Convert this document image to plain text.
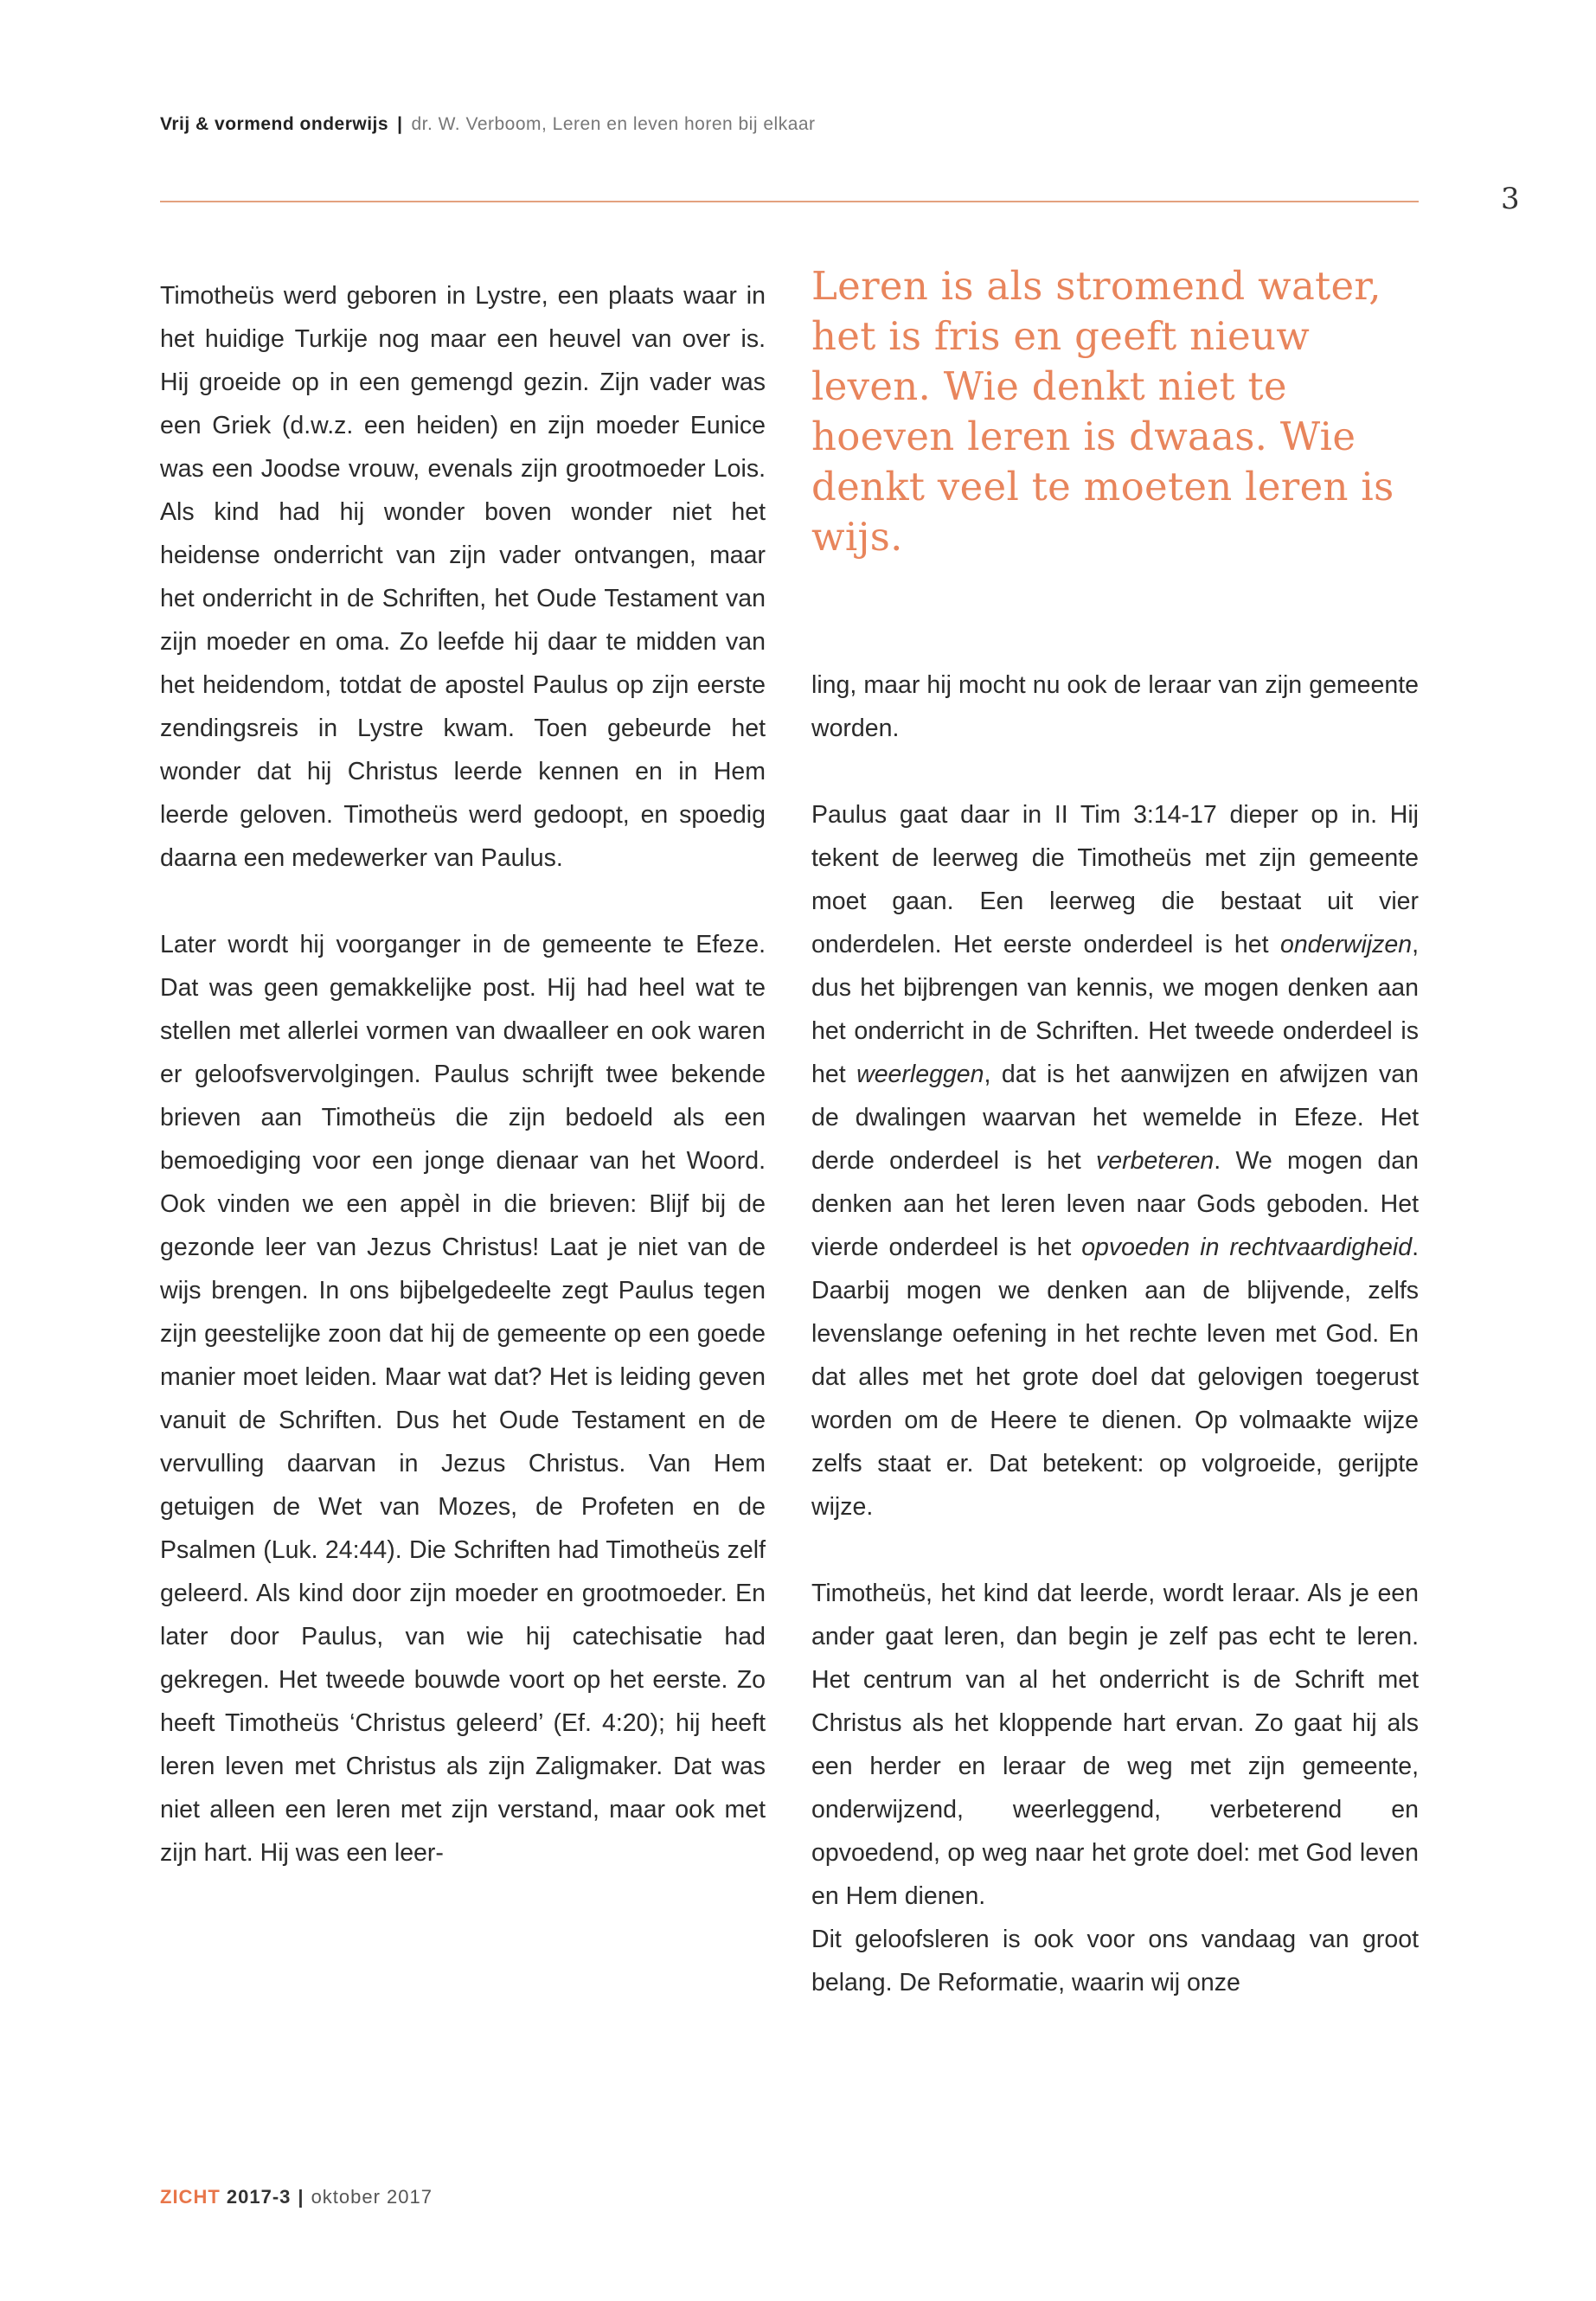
Vrij & vormend onderwijs | dr. W. Verboom, Leren en leven horen bij elkaar
3

Timotheüs werd geboren in Lystre, een plaats waar in het huidige Turkije nog maar een heuvel van over is. Hij groeide op in een gemengd gezin. Zijn vader was een Griek (d.w.z. een heiden) en zijn moeder Eunice was een Joodse vrouw, evenals zijn grootmoeder Lois. Als kind had hij wonder boven wonder niet het heidense onderricht van zijn vader ontvangen, maar het onderricht in de Schriften, het Oude Testament van zijn moeder en oma. Zo leefde hij daar te midden van het heidendom, totdat de apostel Paulus op zijn eerste zendingsreis in Lystre kwam. Toen gebeurde het wonder dat hij Christus leerde kennen en in Hem leerde geloven. Timotheüs werd gedoopt, en spoedig daarna een medewerker van Paulus.

Later wordt hij voorganger in de gemeente te Efeze. Dat was geen gemakkelijke post. Hij had heel wat te stellen met allerlei vormen van dwaalleer en ook waren er geloofsvervolgingen. Paulus schrijft twee bekende brieven aan Timotheüs die zijn bedoeld als een bemoediging voor een jonge dienaar van het Woord. Ook vinden we een appèl in die brieven: Blijf bij de gezonde leer van Jezus Christus! Laat je niet van de wijs brengen. In ons bijbelgedeelte zegt Paulus tegen zijn geestelijke zoon dat hij de gemeente op een goede manier moet leiden. Maar wat dat? Het is leiding geven vanuit de Schriften. Dus het Oude Testament en de vervulling daarvan in Jezus Christus. Van Hem getuigen de Wet van Mozes, de Profeten en de Psalmen (Luk. 24:44). Die Schriften had Timotheüs zelf geleerd. Als kind door zijn moeder en grootmoeder. En later door Paulus, van wie hij catechisatie had gekregen. Het tweede bouwde voort op het eerste. Zo heeft Timotheüs ‘Christus geleerd’ (Ef. 4:20); hij heeft leren leven met Christus als zijn Zaligmaker. Dat was niet alleen een leren met zijn verstand, maar ook met zijn hart. Hij was een leer-

Leren is als stromend water, het is fris en geeft nieuw leven. Wie denkt niet te hoeven leren is dwaas. Wie denkt veel te moeten leren is wijs.

ling, maar hij mocht nu ook de leraar van zijn gemeente worden.

Paulus gaat daar in II Tim 3:14-17 dieper op in. Hij tekent de leerweg die Timotheüs met zijn gemeente moet gaan. Een leerweg die bestaat uit vier onderdelen. Het eerste onderdeel is het onderwijzen, dus het bijbrengen van kennis, we mogen denken aan het onderricht in de Schriften. Het tweede onderdeel is het weerleggen, dat is het aanwijzen en afwijzen van de dwalingen waarvan het wemelde in Efeze. Het derde onderdeel is het verbeteren. We mogen dan denken aan het leren leven naar Gods geboden. Het vierde onderdeel is het opvoeden in rechtvaardigheid. Daarbij mogen we denken aan de blijvende, zelfs levenslange oefening in het rechte leven met God. En dat alles met het grote doel dat gelovigen toegerust worden om de Heere te dienen. Op volmaakte wijze zelfs staat er. Dat betekent: op volgroeide, gerijpte wijze.

Timotheüs, het kind dat leerde, wordt leraar. Als je een ander gaat leren, dan begin je zelf pas echt te leren. Het centrum van al het onderricht is de Schrift met Christus als het kloppende hart ervan. Zo gaat hij als een herder en leraar de weg met zijn gemeente, onderwijzend, weerleggend, verbeterend en opvoedend, op weg naar het grote doel: met God leven en Hem dienen.

Dit geloofsleren is ook voor ons vandaag van groot belang. De Reformatie, waarin wij onze

ZICHT 2017-3 | oktober 2017
